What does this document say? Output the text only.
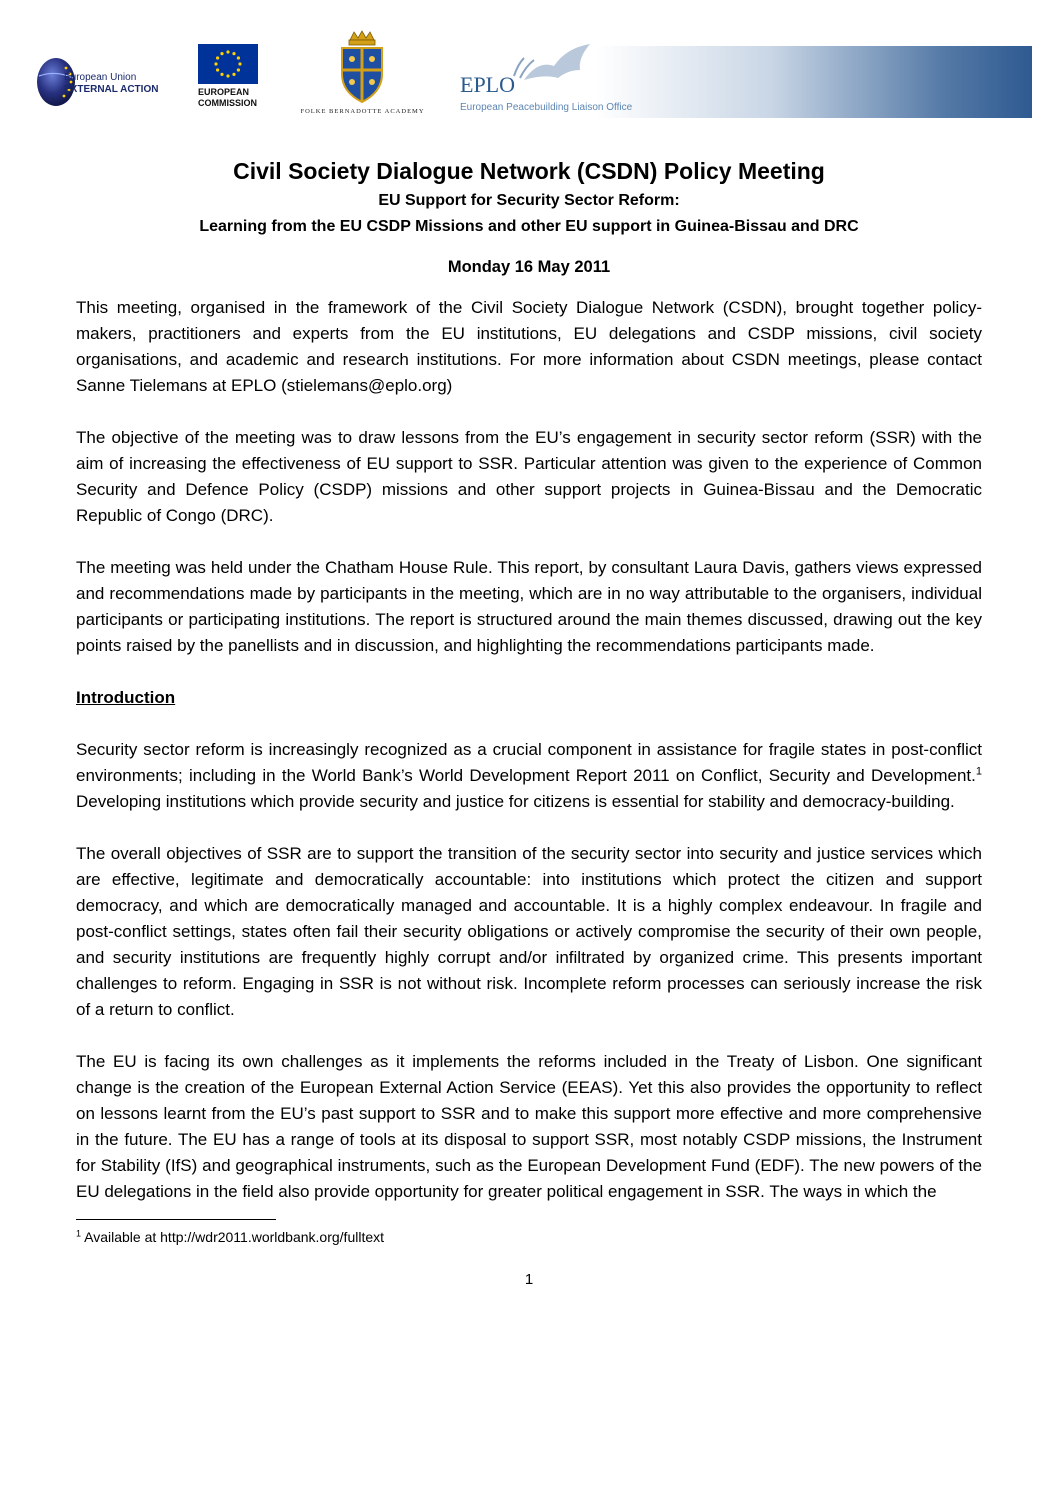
European Union
EXTERNAL ACTION	EUROPEAN
COMMISSION
FOLKE BERNADOTTE ACADEMY
EPLO
European Peacebuilding Liaison Office
Civil Society Dialogue Network (CSDN) Policy Meeting
EU Support for Security Sector Reform:
Learning from the EU CSDP Missions and other EU support in Guinea-Bissau and DRC
Monday 16 May 2011

This meeting, organised in the framework of the Civil Society Dialogue Network (CSDN), brought together policy-makers, practitioners and experts from the EU institutions, EU delegations and CSDP missions, civil society organisations, and academic and research institutions. For more information about CSDN meetings, please contact Sanne Tielemans at EPLO (stielemans@eplo.org)

The objective of the meeting was to draw lessons from the EU’s engagement in security sector reform (SSR) with the aim of increasing the effectiveness of EU support to SSR. Particular attention was given to the experience of Common Security and Defence Policy (CSDP) missions and other support projects in Guinea-Bissau and the Democratic Republic of Congo (DRC).

The meeting was held under the Chatham House Rule. This report, by consultant Laura Davis, gathers views expressed and recommendations made by participants in the meeting, which are in no way attributable to the organisers, individual participants or participating institutions. The report is structured around the main themes discussed, drawing out the key points raised by the panellists and in discussion, and highlighting the recommendations participants made.

Introduction

Security sector reform is increasingly recognized as a crucial component in assistance for fragile states in post-conflict environments; including in the World Bank’s World Development Report 2011 on Conflict, Security and Development.$^1$ Developing institutions which provide security and justice for citizens is essential for stability and democracy-building.

The overall objectives of SSR are to support the transition of the security sector into security and justice services which are effective, legitimate and democratically accountable: into institutions which protect the citizen and support democracy, and which are democratically managed and accountable. It is a highly complex endeavour. In fragile and post-conflict settings, states often fail their security obligations or actively compromise the security of their own people, and security institutions are frequently highly corrupt and/or infiltrated by organized crime. This presents important challenges to reform. Engaging in SSR is not without risk. Incomplete reform processes can seriously increase the risk of a return to conflict.

The EU is facing its own challenges as it implements the reforms included in the Treaty of Lisbon. One significant change is the creation of the European External Action Service (EEAS). Yet this also provides the opportunity to reflect on lessons learnt from the EU’s past support to SSR and to make this support more effective and more comprehensive in the future. The EU has a range of tools at its disposal to support SSR, most notably CSDP missions, the Instrument for Stability (IfS) and geographical instruments, such as the European Development Fund (EDF). The new powers of the EU delegations in the field also provide opportunity for greater political engagement in SSR. The ways in which the

$^1$ Available at http://wdr2011.worldbank.org/fulltext
1
